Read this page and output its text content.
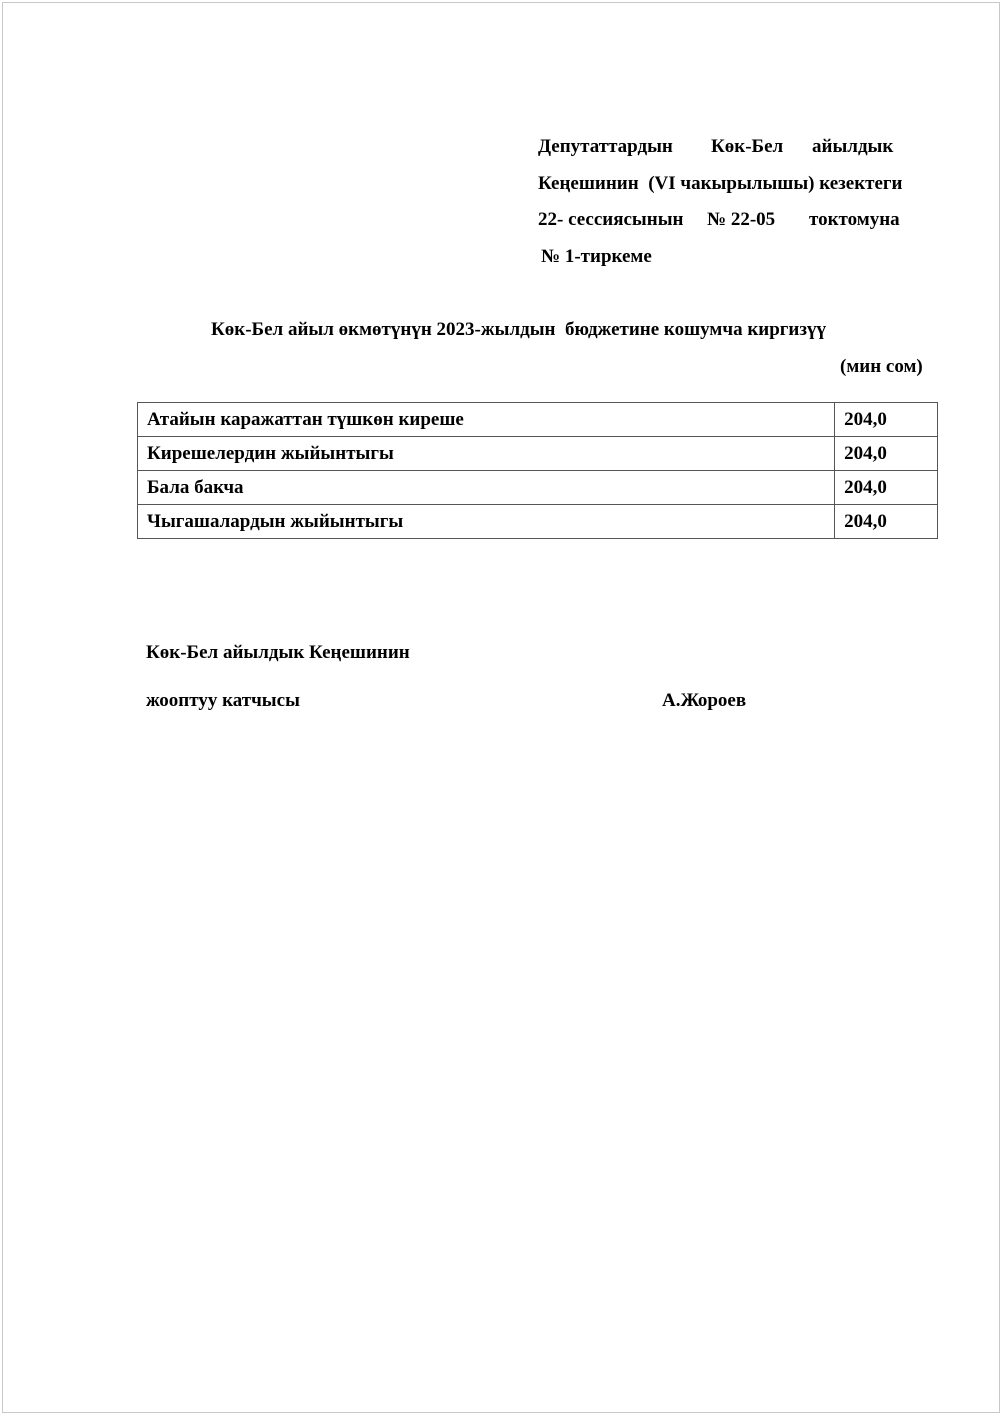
Депутаттардын Көк-Бел айылдык
Кеңешинин  (VI чакырылышы) кезектеги
22- сессиясынын № 22-05 токтомуна
№ 1-тиркеме
Көк-Бел айыл өкмөтүнүн 2023-жылдын  бюджетине кошумча киргизүү
(мин сом)
Атайын каражаттан түшкөн киреше	204,0
Кирешелердин жыйынтыгы	204,0
Бала бакча	204,0
Чыгашалардын жыйынтыгы	204,0
Көк-Бел айылдык Кеңешинин
жооптуу катчысы	А.Жороев
